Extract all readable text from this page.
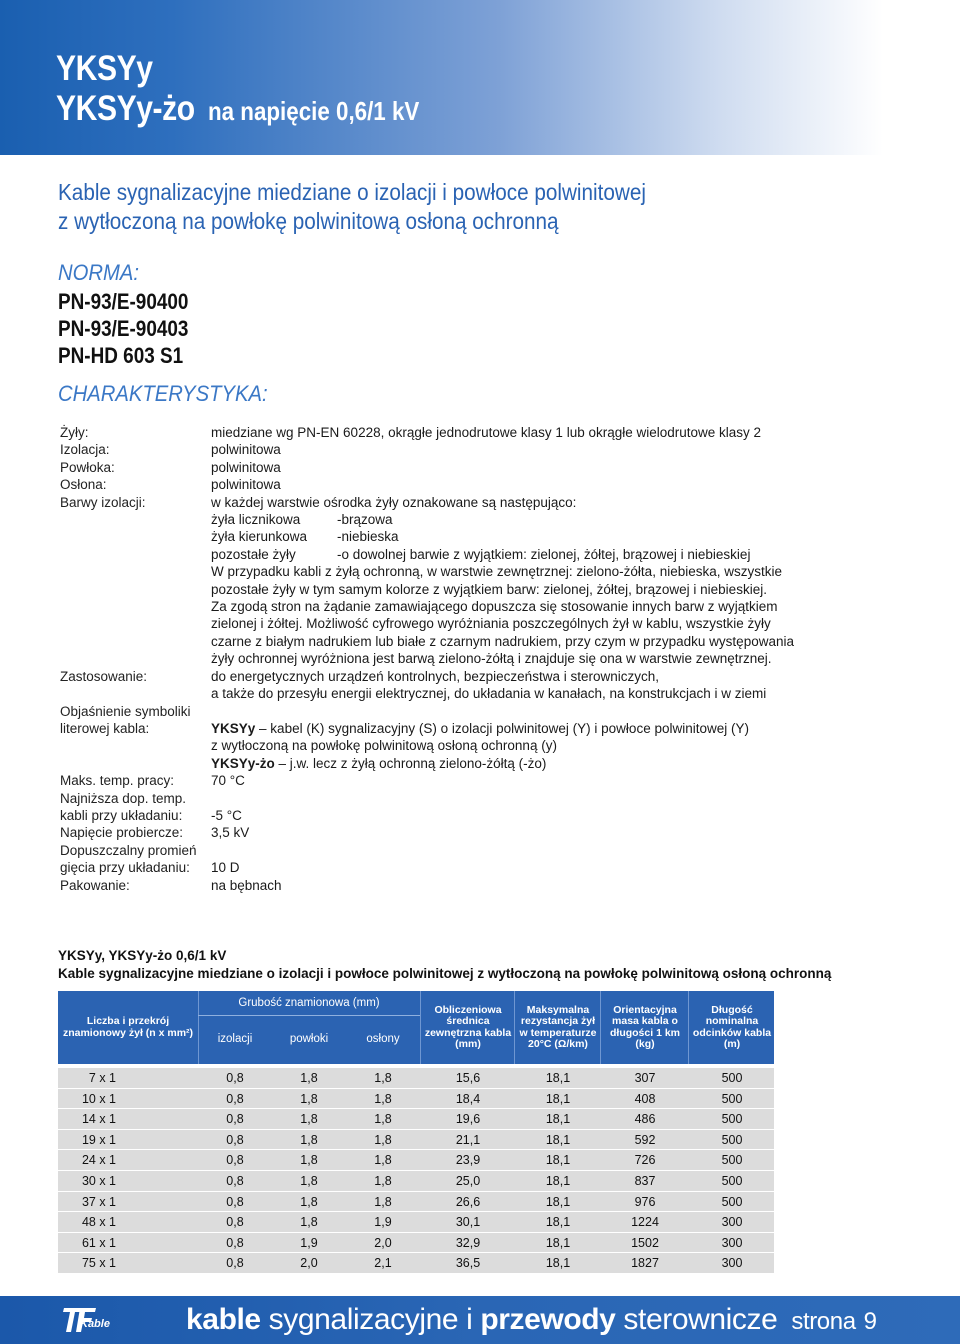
YKSYy
YKSYy-żo na napięcie 0,6/1 kV
Kable sygnalizacyjne miedziane o izolacji i powłoce polwinitowej
z wytłoczoną na powłokę polwinitową osłoną ochronną
NORMA:
PN-93/E-90400
PN-93/E-90403
PN-HD 603 S1
CHARAKTERYSTYKA:
Żyły:	miedziane wg PN-EN 60228, okrągłe jednodrutowe klasy 1 lub okrągłe wielodrutowe klasy 2
Izolacja:	polwinitowa
Powłoka:	polwinitowa
Osłona:	polwinitowa
Barwy izolacji:	w każdej warstwie ośrodka żyły oznakowane są następująco:
żyła licznikowa	-brązowa
żyła kierunkowa -niebieska
pozostałe żyły	-o dowolnej barwie z wyjątkiem: zielonej, żółtej, brązowej i niebieskiej
W przypadku kabli z żyłą ochronną, w warstwie zewnętrznej: zielono-żółta, niebieska, wszystkie
pozostałe żyły w tym samym kolorze z wyjątkiem barw: zielonej, żółtej, brązowej i niebieskiej.
Za zgodą stron na żądanie zamawiającego dopuszcza się stosowanie innych barw z wyjątkiem
zielonej i żółtej. Możliwość cyfrowego wyróżniania poszczególnych żył w kablu, wszystkie żyły
czarne z białym nadrukiem lub białe z czarnym nadrukiem, przy czym w przypadku występowania
żyły ochronnej wyróżniona jest barwą zielono-żółtą i znajduje się ona w warstwie zewnętrznej.
Zastosowanie:	do energetycznych urządzeń kontrolnych, bezpieczeństwa i sterowniczych,
a także do przesyłu energii elektrycznej, do układania w kanałach, na konstrukcjach i w ziemi
Objaśnienie symboliki
literowej kabla:
	YKSYy – kabel (K) sygnalizacyjny (S) o izolacji polwinitowej (Y) i powłoce polwinitowej (Y)
z wytłoczoną na powłokę polwinitową osłoną ochronną (y)
YKSYy-żo – j.w. lecz z żyłą ochronną zielono-żółtą (-żo)
Maks. temp. pracy:	70 °C
Najniższa dop. temp.
kabli przy układaniu:
	-5 °C
Napięcie probiercze:	3,5 kV
Dopuszczalny promień
gięcia przy układaniu:
	10 D
Pakowanie:	na bębnach
YKSYy, YKSYy-żo 0,6/1 kV
Kable sygnalizacyjne miedziane o izolacji i powłoce polwinitowej z wytłoczoną na powłokę polwinitową osłoną ochronną
Liczba i przekrój znamionowy żył (n x mm²)
Grubość znamionowa (mm)
izolacji	powłoki	osłony
Obliczeniowa średnica zewnętrzna kabla (mm)
Maksymalna rezystancja żył w temperaturze 20°C (Ω/km)
Orientacyjna masa kabla o długości 1 km (kg)
Długość nominalna odcinków kabla (m)
7 x 1	0,8	1,8	1,8	15,6	18,1	307	500
10 x 1	0,8	1,8	1,8	18,4	18,1	408	500
14 x 1	0,8	1,8	1,8	19,6	18,1	486	500
19 x 1	0,8	1,8	1,8	21,1	18,1	592	500
24 x 1	0,8	1,8	1,8	23,9	18,1	726	500
30 x 1	0,8	1,8	1,8	25,0	18,1	837	500
37 x 1	0,8	1,8	1,8	26,6	18,1	976	500
48 x 1	0,8	1,8	1,9	30,1	18,1	1224	300
61 x 1	0,8	1,9	2,0	32,9	18,1	1502	300
75 x 1	0,8	2,0	2,1	36,5	18,1	1827	300
Kable	kable sygnalizacyjne i przewody sterownicze strona 9
